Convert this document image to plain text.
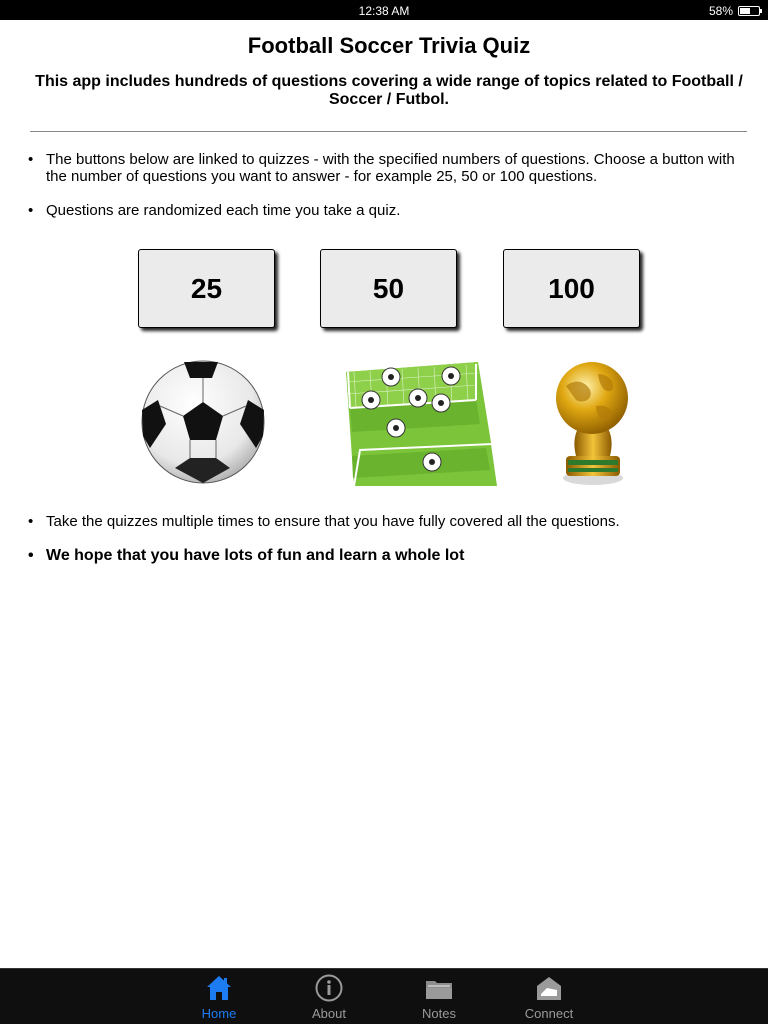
12:38 AM	58%
Football Soccer Trivia Quiz

This app includes hundreds of questions covering a wide range of topics related to Football / Soccer / Futbol.

• The buttons below are linked to quizzes - with the specified numbers of questions. Choose a button with the number of questions you want to answer - for example 25, 50 or 100 questions.

• Questions are randomized each time you take a quiz.

25	50	100

• Take the quizzes multiple times to ensure that you have fully covered all the questions.

• We hope that you have lots of fun and learn a whole lot

Home	About	Notes	Connect
